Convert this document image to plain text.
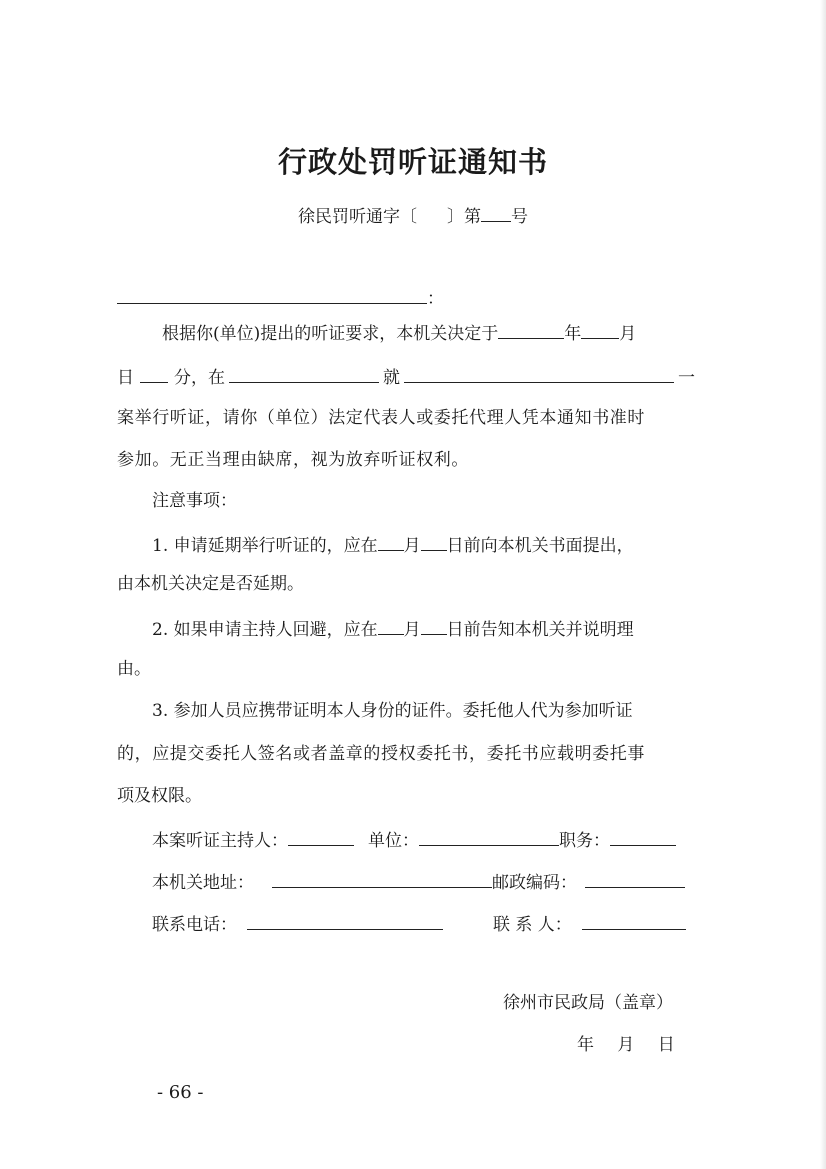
行政处罚听证通知书
徐民罚听通字〔 〕第 号
：
根据你(单位)提出的听证要求，本机关决定于	年 月
日 分，在	就	一
案举行听证，请你（单位）法定代表人或委托代理人凭本通知书准时
参加。无正当理由缺席，视为放弃听证权利。
注意事项：
1. 申请延期举行听证的，应在 月 日前向本机关书面提出，
由本机关决定是否延期。
2. 如果申请主持人回避，应在 月 日前告知本机关并说明理
由。
3. 参加人员应携带证明本人身份的证件。委托他人代为参加听证
的，应提交委托人签名或者盖章的授权委托书，委托书应载明委托事
项及权限。
本案听证主持人：	单位：	职务：
本机关地址：	邮政编码：
联系电话：	联 系 人：
徐州市民政局（盖章）
年 月 日
- 66 -
